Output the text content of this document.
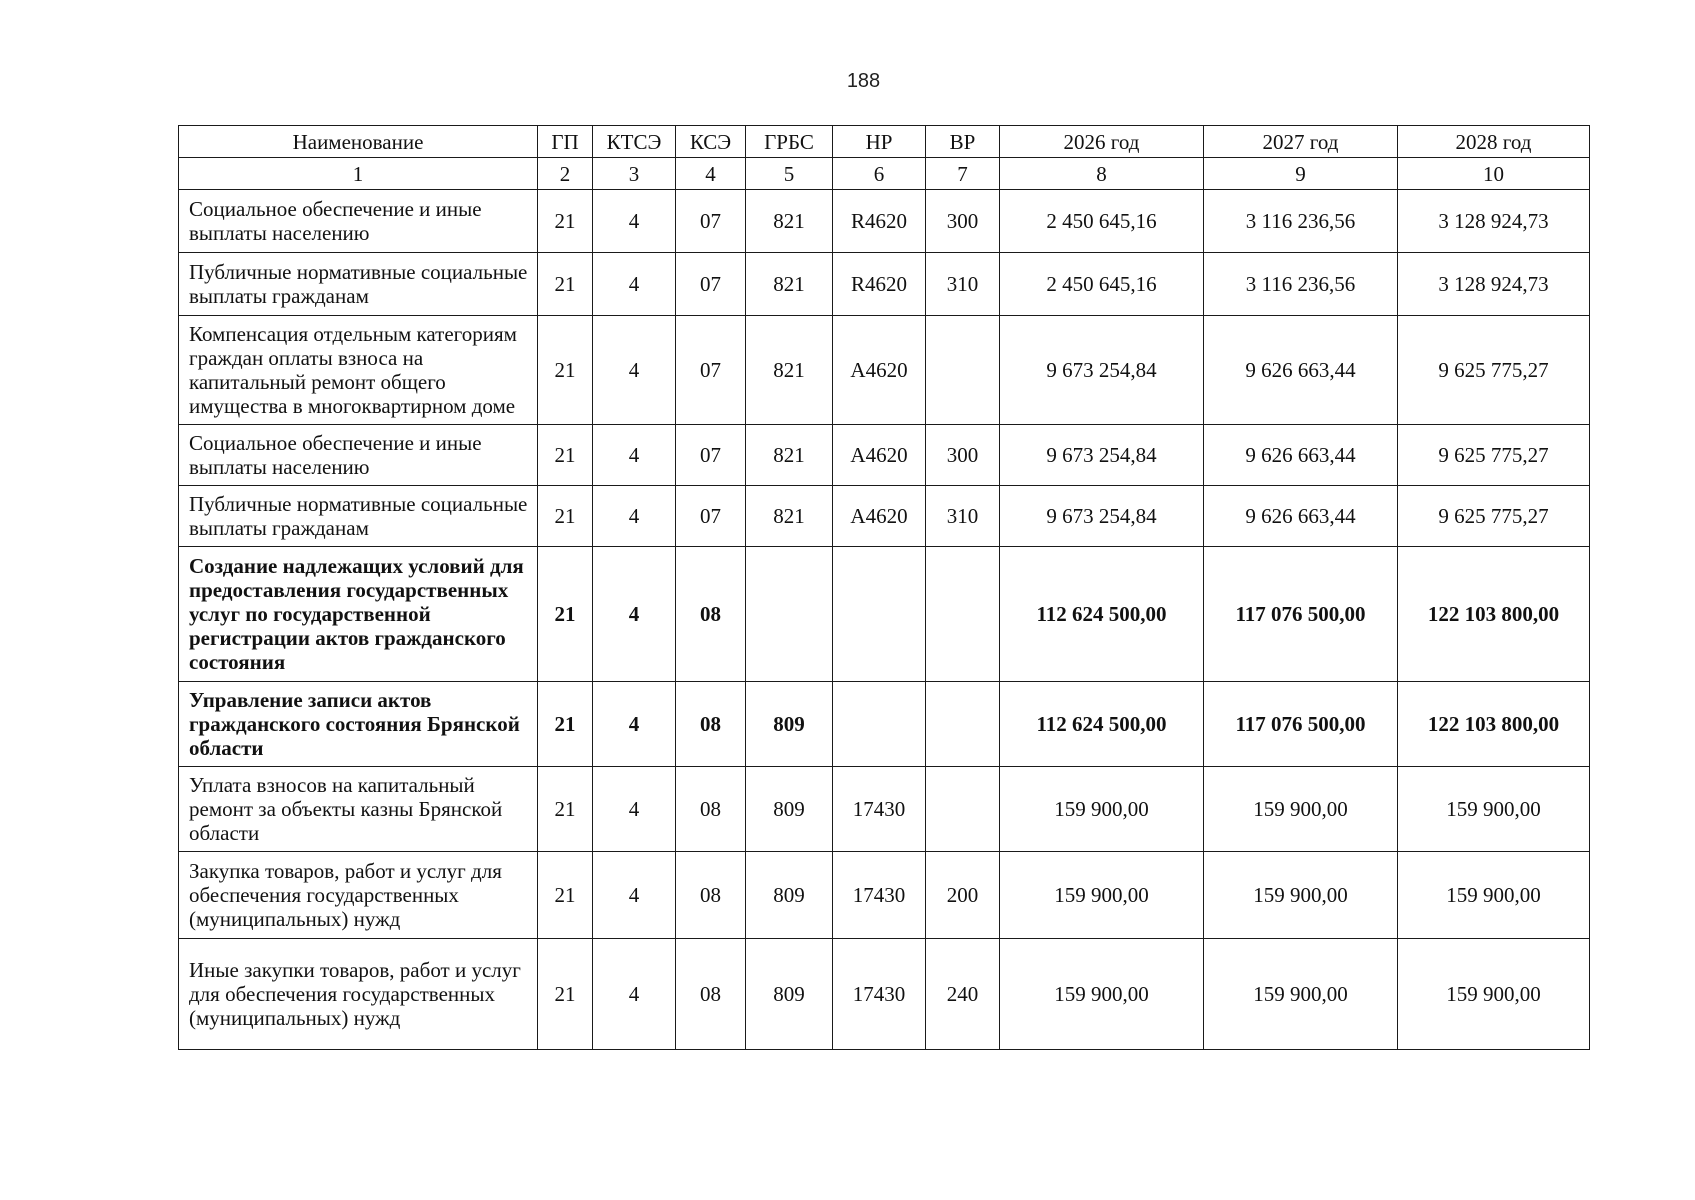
188
Наименование	ГП	КТСЭ	КСЭ	ГРБС	НР	ВР	2026 год	2027 год	2028 год
1	2	3	4	5	6	7	8	9	10
Социальное обеспечение и иные выплаты населению	21	4	07	821	R4620	300	2 450 645,16	3 116 236,56	3 128 924,73
Публичные нормативные социальные выплаты гражданам	21	4	07	821	R4620	310	2 450 645,16	3 116 236,56	3 128 924,73
Компенсация отдельным категориям граждан оплаты взноса на капитальный ремонт общего имущества в многоквартирном доме	21	4	07	821	А4620		9 673 254,84	9 626 663,44	9 625 775,27
Социальное обеспечение и иные выплаты населению	21	4	07	821	А4620	300	9 673 254,84	9 626 663,44	9 625 775,27
Публичные нормативные социальные выплаты гражданам	21	4	07	821	А4620	310	9 673 254,84	9 626 663,44	9 625 775,27
Создание надлежащих условий для предоставления государственных услуг по государственной регистрации актов гражданского состояния	21	4	08				112 624 500,00	117 076 500,00	122 103 800,00
Управление записи актов гражданского состояния Брянской области	21	4	08	809			112 624 500,00	117 076 500,00	122 103 800,00
Уплата взносов на капитальный ремонт за объекты казны Брянской области	21	4	08	809	17430		159 900,00	159 900,00	159 900,00
Закупка товаров, работ и услуг для обеспечения государственных (муниципальных) нужд	21	4	08	809	17430	200	159 900,00	159 900,00	159 900,00
Иные закупки товаров, работ и услуг для обеспечения государственных (муниципальных) нужд	21	4	08	809	17430	240	159 900,00	159 900,00	159 900,00
